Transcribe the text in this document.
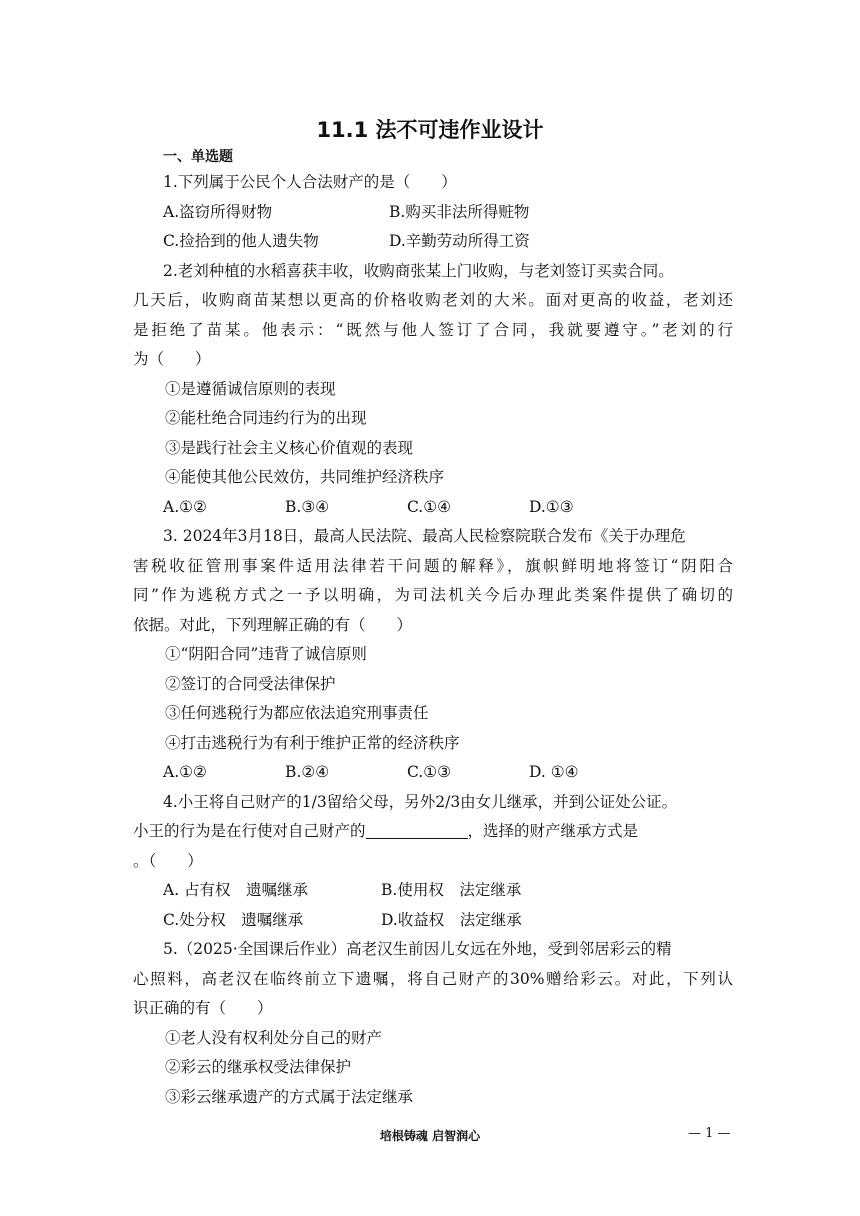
11.1 法不可违作业设计
一、单选题
1.下列属于公民个人合法财产的是（　　）
A.盗窃所得财物	B.购买非法所得赃物
C.捡拾到的他人遗失物	D.辛勤劳动所得工资
2.老刘种植的水稻喜获丰收，收购商张某上门收购，与老刘签订买卖合同。
几天后，收购商苗某想以更高的价格收购老刘的大米。面对更高的收益，老刘还
是拒绝了苗某。他表示：“既然与他人签订了合同，我就要遵守。”老刘的行
为（　　）
①是遵循诚信原则的表现
②能杜绝合同违约行为的出现
③是践行社会主义核心价值观的表现
④能使其他公民效仿，共同维护经济秩序
A.①②	B.③④	C.①④	D.①③
3. 2024年3月18日，最高人民法院、最高人民检察院联合发布《关于办理危
害税收征管刑事案件适用法律若干问题的解释》，旗帜鲜明地将签订“阴阳合
同”作为逃税方式之一予以明确，为司法机关今后办理此类案件提供了确切的
依据。对此，下列理解正确的有（　　）
①“阴阳合同”违背了诚信原则
②签订的合同受法律保护
③任何逃税行为都应依法追究刑事责任
④打击逃税行为有利于维护正常的经济秩序
A.①②	B.②④	C.①③	D. ①④
4.小王将自己财产的1/3留给父母，另外2/3由女儿继承，并到公证处公证。
小王的行为是在行使对自己财产的	，选择的财产继承方式是
。（　　）
A. 占有权　遗嘱继承	B.使用权　法定继承
C.处分权　遗嘱继承	D.收益权　法定继承
5.（2025·全国课后作业）高老汉生前因儿女远在外地，受到邻居彩云的精
心照料，高老汉在临终前立下遗嘱，将自己财产的30%赠给彩云。对此，下列认
识正确的有（　　）
①老人没有权利处分自己的财产
②彩云的继承权受法律保护
③彩云继承遗产的方式属于法定继承
培根铸魂 启智润心	— 1 —
